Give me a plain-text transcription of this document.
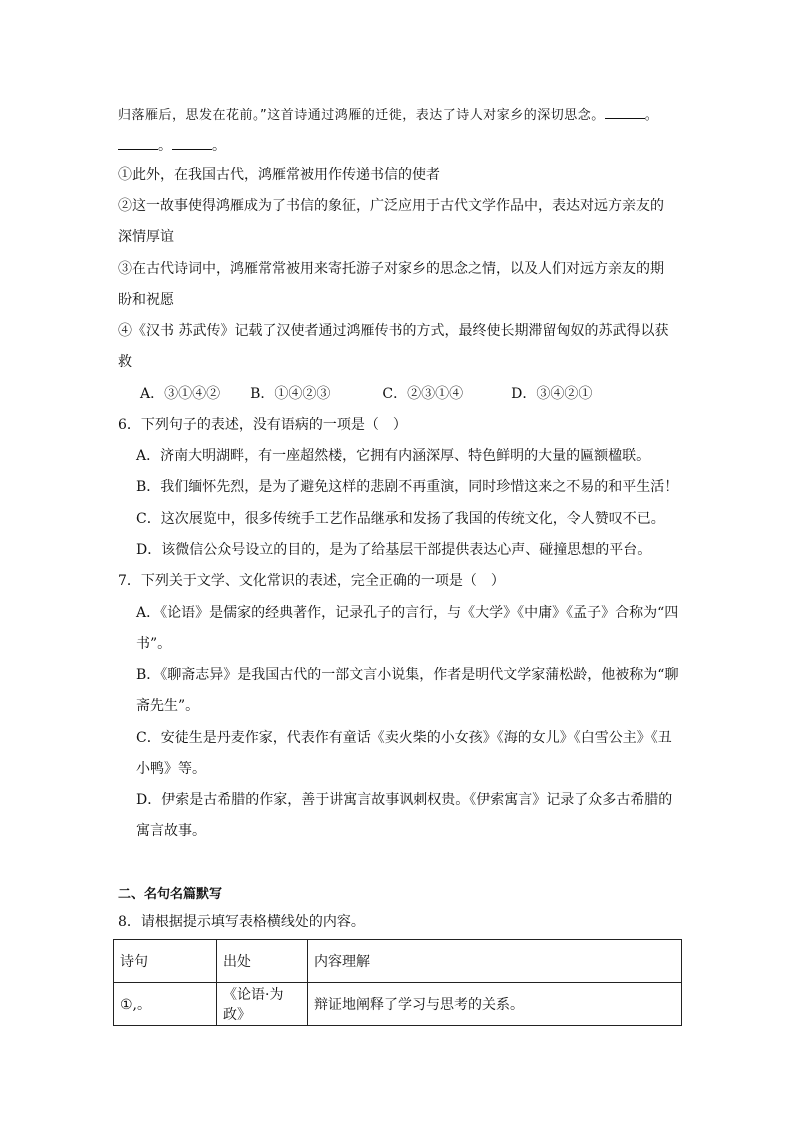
归落雁后，思发在花前。”这首诗通过鸿雁的迁徙，表达了诗人对家乡的深切思念。	。
。	。
①此外，在我国古代，鸿雁常被用作传递书信的使者
②这一故事使得鸿雁成为了书信的象征，广泛应用于古代文学作品中，表达对远方亲友的
深情厚谊
③在古代诗词中，鸿雁常常被用来寄托游子对家乡的思念之情，以及人们对远方亲友的期
盼和祝愿
④《汉书 苏武传》记载了汉使者通过鸿雁传书的方式，最终使长期滞留匈奴的苏武得以获
救
A．③①④② B．①④②③	C．②③①④	D．③④②①
6．下列句子的表述，没有语病的一项是（　）
A．济南大明湖畔，有一座超然楼，它拥有内涵深厚、特色鲜明的大量的匾额楹联。
B．我们缅怀先烈，是为了避免这样的悲剧不再重演，同时珍惜这来之不易的和平生活！
C．这次展览中，很多传统手工艺作品继承和发扬了我国的传统文化，令人赞叹不已。
D．该微信公众号设立的目的，是为了给基层干部提供表达心声、碰撞思想的平台。
7．下列关于文学、文化常识的表述，完全正确的一项是（　）
A．《论语》是儒家的经典著作，记录孔子的言行，与《大学》《中庸》《孟子》合称为“四
书”。
B．《聊斋志异》是我国古代的一部文言小说集，作者是明代文学家蒲松龄，他被称为“聊
斋先生”。
C．安徒生是丹麦作家，代表作有童话《卖火柴的小女孩》《海的女儿》《白雪公主》《丑
小鸭》等。
D．伊索是古希腊的作家，善于讲寓言故事讽刺权贵。《伊索寓言》记录了众多古希腊的
寓言故事。
二、名句名篇默写
8．请根据提示填写表格横线处的内容。
诗句	出处	内容理解
①,。	《论语·为政》	辩证地阐释了学习与思考的关系。
